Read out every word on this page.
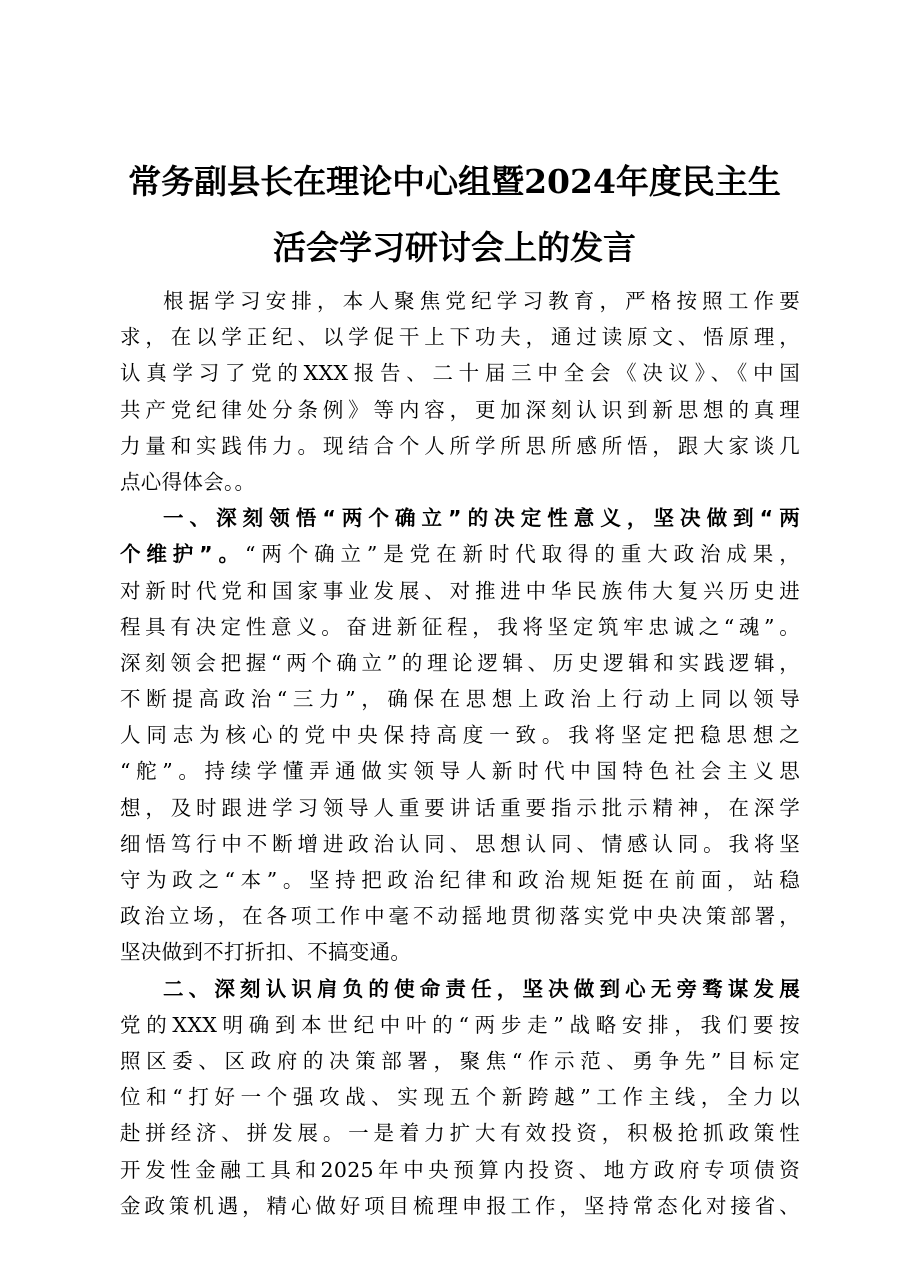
常务副县长在理论中心组暨2024年度民主生
活会学习研讨会上的发言
根据学习安排，本人聚焦党纪学习教育，严格按照工作要
求，在以学正纪、以学促干上下功夫，通过读原文、悟原理，
认真学习了党的XXX报告、二十届三中全会《决议》、《中国
共产党纪律处分条例》等内容，更加深刻认识到新思想的真理
力量和实践伟力。现结合个人所学所思所感所悟，跟大家谈几
点心得体会。。
一、深刻领悟“两个确立”的决定性意义，坚决做到“两
个维护”。“两个确立”是党在新时代取得的重大政治成果，
对新时代党和国家事业发展、对推进中华民族伟大复兴历史进
程具有决定性意义。奋进新征程，我将坚定筑牢忠诚之“魂”。
深刻领会把握“两个确立”的理论逻辑、历史逻辑和实践逻辑，
不断提高政治“三力”，确保在思想上政治上行动上同以领导
人同志为核心的党中央保持高度一致。我将坚定把稳思想之
“舵”。持续学懂弄通做实领导人新时代中国特色社会主义思
想，及时跟进学习领导人重要讲话重要指示批示精神，在深学
细悟笃行中不断增进政治认同、思想认同、情感认同。我将坚
守为政之“本”。坚持把政治纪律和政治规矩挺在前面，站稳
政治立场，在各项工作中毫不动摇地贯彻落实党中央决策部署，
坚决做到不打折扣、不搞变通。
二、深刻认识肩负的使命责任，坚决做到心无旁骛谋发展
党的XXX明确到本世纪中叶的“两步走”战略安排，我们要按
照区委、区政府的决策部署，聚焦“作示范、勇争先”目标定
位和“打好一个强攻战、实现五个新跨越”工作主线，全力以
赴拼经济、拼发展。一是着力扩大有效投资，积极抢抓政策性
开发性金融工具和2025年中央预算内投资、地方政府专项债资
金政策机遇，精心做好项目梳理申报工作，坚持常态化对接省、
